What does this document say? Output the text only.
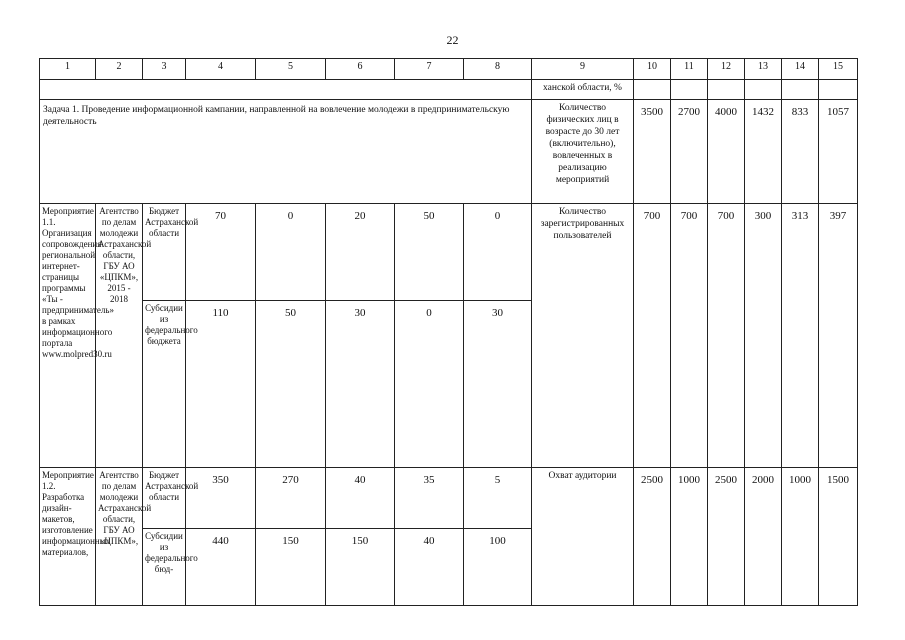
22
1	2	3	4	5	6	7	8	9	10	11	12	13	14	15
								ханской области, %						
Задача 1. Проведение информационной кампании, направленной на вовлечение молодежи в предпринимательскую деятельность								Количество физических лиц в возрасте до 30 лет (включительно), вовлеченных в реализацию мероприятий	3500	2700	4000	1432	833	1057
Мероприятие 1.1. Организация сопровождения региональной интернет-страницы программы «Ты - предприниматель» в рамках информационного портала www.molpred30.ru	Агентство по делам молодежи Астраханской области, ГБУ АО «ЦПКМ», 2015 - 2018	Бюджет Астраханской области	70	0	20	50	0	Количество зарегистрированных пользователей	700	700	700	300	313	397
		Субсидии из федерального бюджета	110	50	30	0	30							
Мероприятие 1.2. Разработка дизайн-макетов, изготовление информационных материалов,	Агентство по делам молодежи Астраханской области, ГБУ АО «ЦПКМ»,	Бюджет Астраханской области	350	270	40	35	5	Охват аудитории	2500	1000	2500	2000	1000	1500
		Субсидии из федерального бюд-	440	150	150	40	100							
